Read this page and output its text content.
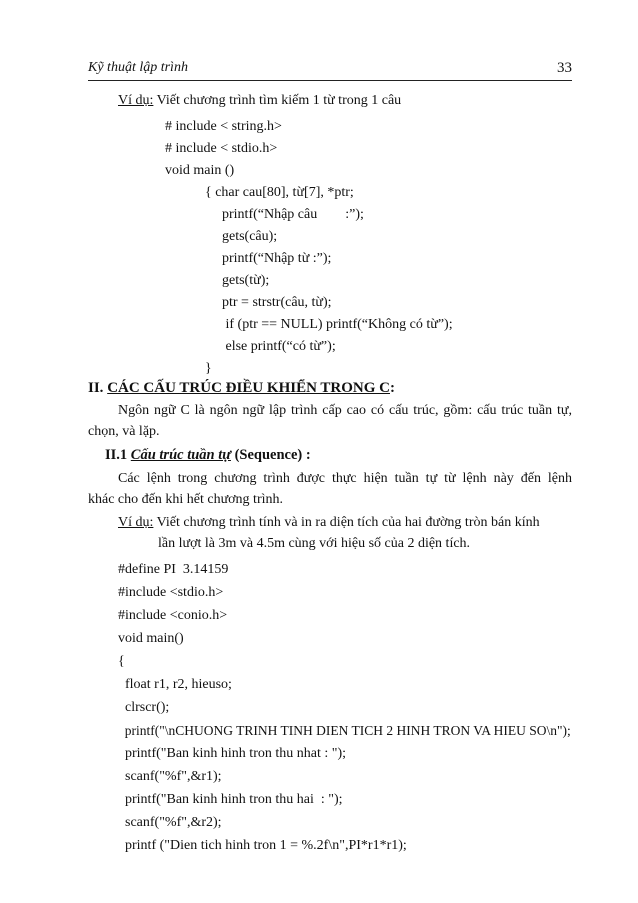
Kỹ thuật lập trình	33
Ví dụ: Viết chương trình tìm kiếm 1 từ trong 1 câu
# include < string.h>
# include < stdio.h>
void main ()
{ char cau[80], từ[7], *ptr;
printf(“Nhập câu        :”);
gets(câu);
printf(“Nhập từ :”);
gets(từ);
ptr = strstr(câu, từ);
if (ptr == NULL) printf(“Không có từ”);
else printf(“có từ”);
}
II. CÁC CẤU TRÚC ĐIỀU KHIỂN TRONG C:
Ngôn ngữ C là ngôn ngữ lập trình cấp cao có cấu trúc, gồm: cấu trúc tuần tự,
chọn, và lặp.
II.1 Cấu trúc tuần tự (Sequence) :
Các lệnh trong chương trình được thực hiện tuần tự từ lệnh này đến lệnh
khác cho đến khi hết chương trình.
Ví dụ: Viết chương trình tính và in ra diện tích của hai đường tròn bán kính
lần lượt là 3m và 4.5m cùng với hiệu số của 2 diện tích.
#define PI  3.14159
#include <stdio.h>
#include <conio.h>
void main()
{
float r1, r2, hieuso;
clrscr();
printf("\nCHUONG TRINH TINH DIEN TICH 2 HINH TRON VA HIEU SO\n");
printf("Ban kinh hinh tron thu nhat : ");
scanf("%f",&r1);
printf("Ban kinh hinh tron thu hai  : ");
scanf("%f",&r2);
printf ("Dien tich hinh tron 1 = %.2f\n",PI*r1*r1);
